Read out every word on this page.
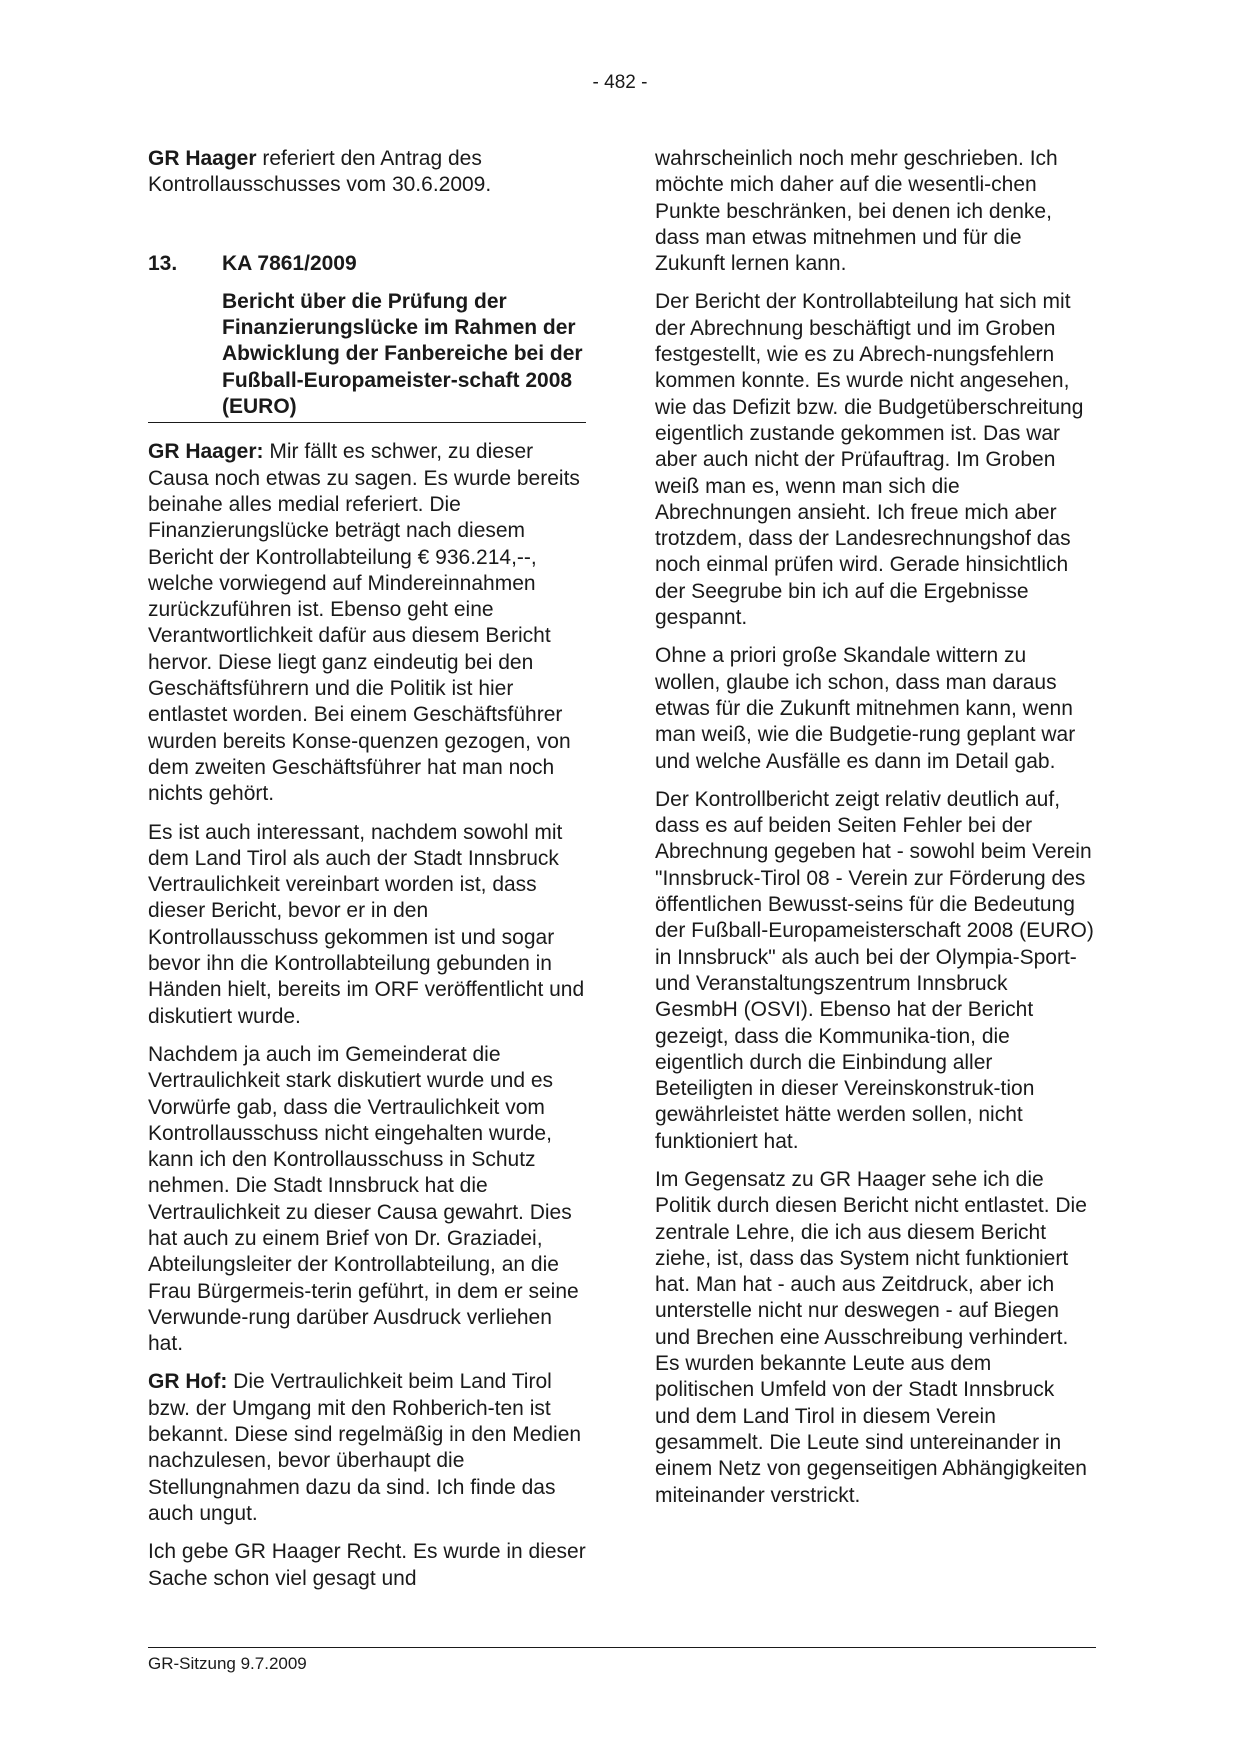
- 482 -

GR Haager referiert den Antrag des Kontrollausschusses vom 30.6.2009.

13.	KA 7861/2009

Bericht über die Prüfung der Finanzierungslücke im Rahmen der Abwicklung der Fanbereiche bei der Fußball-Europameister-schaft 2008 (EURO)

GR Haager: Mir fällt es schwer, zu dieser Causa noch etwas zu sagen. Es wurde bereits beinahe alles medial referiert. Die Finanzierungslücke beträgt nach diesem Bericht der Kontrollabteilung € 936.214,--, welche vorwiegend auf Mindereinnahmen zurückzuführen ist. Ebenso geht eine Verantwortlichkeit dafür aus diesem Bericht hervor. Diese liegt ganz eindeutig bei den Geschäftsführern und die Politik ist hier entlastet worden. Bei einem Geschäftsführer wurden bereits Konse-quenzen gezogen, von dem zweiten Geschäftsführer hat man noch nichts gehört.

Es ist auch interessant, nachdem sowohl mit dem Land Tirol als auch der Stadt Innsbruck Vertraulichkeit vereinbart worden ist, dass dieser Bericht, bevor er in den Kontrollausschuss gekommen ist und sogar bevor ihn die Kontrollabteilung gebunden in Händen hielt, bereits im ORF veröffentlicht und diskutiert wurde.

Nachdem ja auch im Gemeinderat die Vertraulichkeit stark diskutiert wurde und es Vorwürfe gab, dass die Vertraulichkeit vom Kontrollausschuss nicht eingehalten wurde, kann ich den Kontrollausschuss in Schutz nehmen. Die Stadt Innsbruck hat die Vertraulichkeit zu dieser Causa gewahrt. Dies hat auch zu einem Brief von Dr. Graziadei, Abteilungsleiter der Kontrollabteilung, an die Frau Bürgermeis-terin geführt, in dem er seine Verwunde-rung darüber Ausdruck verliehen hat.

GR Hof: Die Vertraulichkeit beim Land Tirol bzw. der Umgang mit den Rohberich-ten ist bekannt. Diese sind regelmäßig in den Medien nachzulesen, bevor überhaupt die Stellungnahmen dazu da sind. Ich finde das auch ungut.

Ich gebe GR Haager Recht. Es wurde in dieser Sache schon viel gesagt und

wahrscheinlich noch mehr geschrieben. Ich möchte mich daher auf die wesentli-chen Punkte beschränken, bei denen ich denke, dass man etwas mitnehmen und für die Zukunft lernen kann.

Der Bericht der Kontrollabteilung hat sich mit der Abrechnung beschäftigt und im Groben festgestellt, wie es zu Abrech-nungsfehlern kommen konnte. Es wurde nicht angesehen, wie das Defizit bzw. die Budgetüberschreitung eigentlich zustande gekommen ist. Das war aber auch nicht der Prüfauftrag. Im Groben weiß man es, wenn man sich die Abrechnungen ansieht. Ich freue mich aber trotzdem, dass der Landesrechnungshof das noch einmal prüfen wird. Gerade hinsichtlich der Seegrube bin ich auf die Ergebnisse gespannt.

Ohne a priori große Skandale wittern zu wollen, glaube ich schon, dass man daraus etwas für die Zukunft mitnehmen kann, wenn man weiß, wie die Budgetie-rung geplant war und welche Ausfälle es dann im Detail gab.

Der Kontrollbericht zeigt relativ deutlich auf, dass es auf beiden Seiten Fehler bei der Abrechnung gegeben hat - sowohl beim Verein "Innsbruck-Tirol 08 - Verein zur Förderung des öffentlichen Bewusst-seins für die Bedeutung der Fußball-Europameisterschaft 2008 (EURO) in Innsbruck" als auch bei der Olympia-Sport- und Veranstaltungszentrum Innsbruck GesmbH (OSVI). Ebenso hat der Bericht gezeigt, dass die Kommunika-tion, die eigentlich durch die Einbindung aller Beteiligten in dieser Vereinskonstruk-tion gewährleistet hätte werden sollen, nicht funktioniert hat.

Im Gegensatz zu GR Haager sehe ich die Politik durch diesen Bericht nicht entlastet. Die zentrale Lehre, die ich aus diesem Bericht ziehe, ist, dass das System nicht funktioniert hat. Man hat - auch aus Zeitdruck, aber ich unterstelle nicht nur deswegen - auf Biegen und Brechen eine Ausschreibung verhindert. Es wurden bekannte Leute aus dem politischen Umfeld von der Stadt Innsbruck und dem Land Tirol in diesem Verein gesammelt. Die Leute sind untereinander in einem Netz von gegenseitigen Abhängigkeiten miteinander verstrickt.

GR-Sitzung 9.7.2009
